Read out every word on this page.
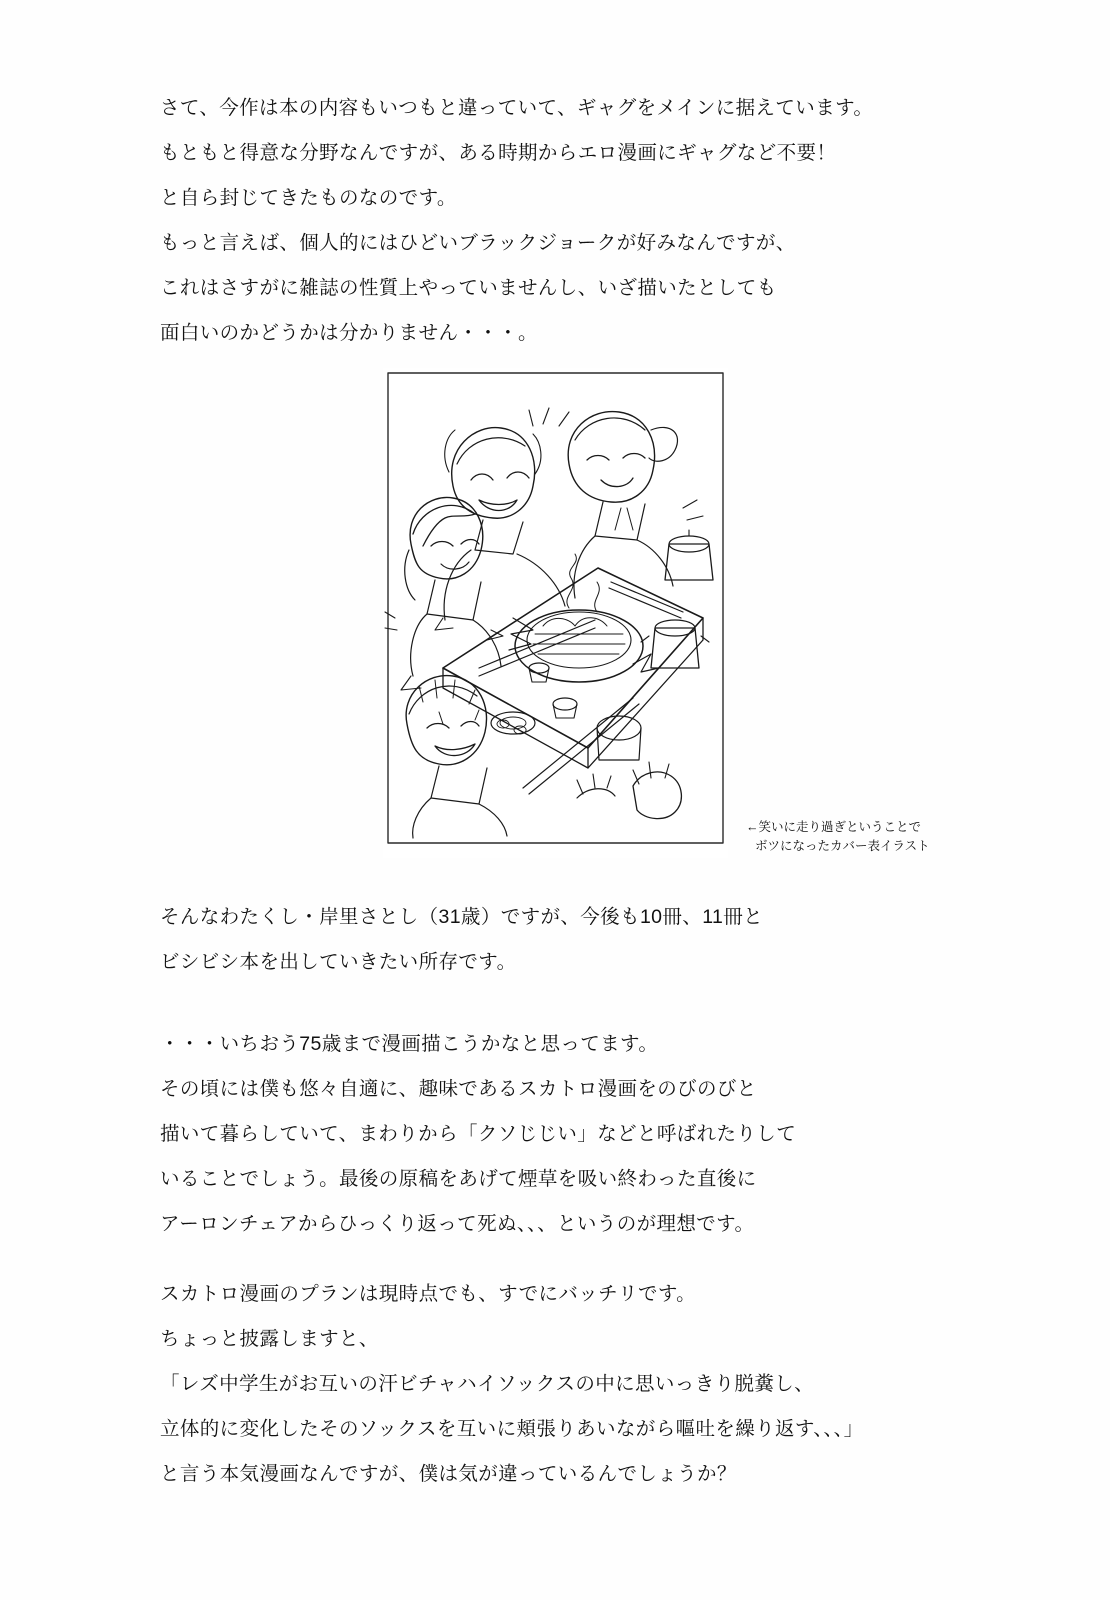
さて、今作は本の内容もいつもと違っていて、ギャグをメインに据えています。
もともと得意な分野なんですが、ある時期からエロ漫画にギャグなど不要！
と自ら封じてきたものなのです。
もっと言えば、個人的にはひどいブラックジョークが好みなんですが、
これはさすがに雑誌の性質上やっていませんし、いざ描いたとしても
面白いのかどうかは分かりません・・・。
←笑いに走り過ぎということで
ボツになったカバー表イラスト
そんなわたくし・岸里さとし（31歳）ですが、今後も10冊、11冊と
ビシビシ本を出していきたい所存です。
・・・いちおう75歳まで漫画描こうかなと思ってます。
その頃には僕も悠々自適に、趣味であるスカトロ漫画をのびのびと
描いて暮らしていて、まわりから「クソじじい」などと呼ばれたりして
いることでしょう。最後の原稿をあげて煙草を吸い終わった直後に
アーロンチェアからひっくり返って死ぬ、、、というのが理想です。
スカトロ漫画のプランは現時点でも、すでにバッチリです。
ちょっと披露しますと、
「レズ中学生がお互いの汗ビチャハイソックスの中に思いっきり脱糞し、
立体的に変化したそのソックスを互いに頬張りあいながら嘔吐を繰り返す、、、」
と言う本気漫画なんですが、僕は気が違っているんでしょうか？
